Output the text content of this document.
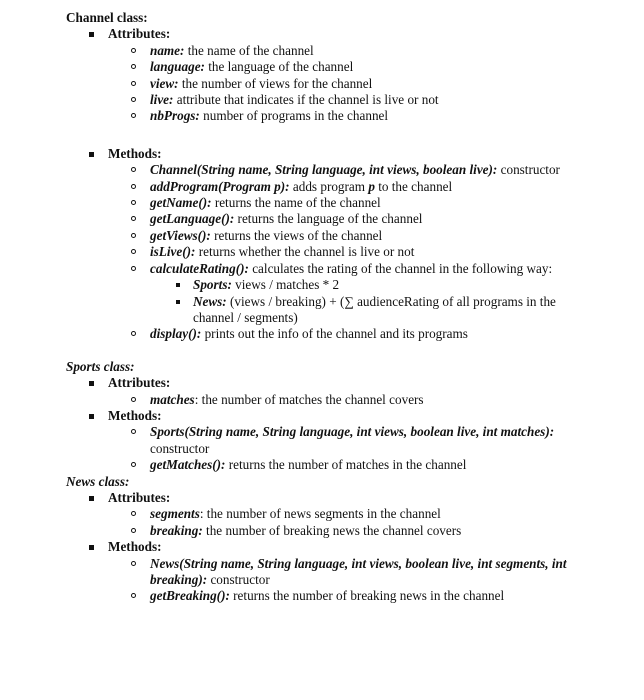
Channel class:
Attributes:
name: the name of the channel
language: the language of the channel
view: the number of views for the channel
live: attribute that indicates if the channel is live or not
nbProgs: number of programs in the channel
Methods:
Channel(String name, String language, int views, boolean live): constructor
addProgram(Program p): adds program p to the channel
getName(): returns the name of the channel
getLanguage(): returns the language of the channel
getViews(): returns the views of the channel
isLive(): returns whether the channel is live or not
calculateRating(): calculates the rating of the channel in the following way:
Sports: views / matches * 2
News: (views / breaking) + (∑ audienceRating of all programs in the channel / segments)
display(): prints out the info of the channel and its programs
Sports class:
Attributes:
matches: the number of matches the channel covers
Methods:
Sports(String name, String language, int views, boolean live, int matches): constructor
getMatches(): returns the number of matches in the channel
News class:
Attributes:
segments: the number of news segments in the channel
breaking: the number of breaking news the channel covers
Methods:
News(String name, String language, int views, boolean live, int segments, int breaking): constructor
getBreaking(): returns the number of breaking news in the channel
